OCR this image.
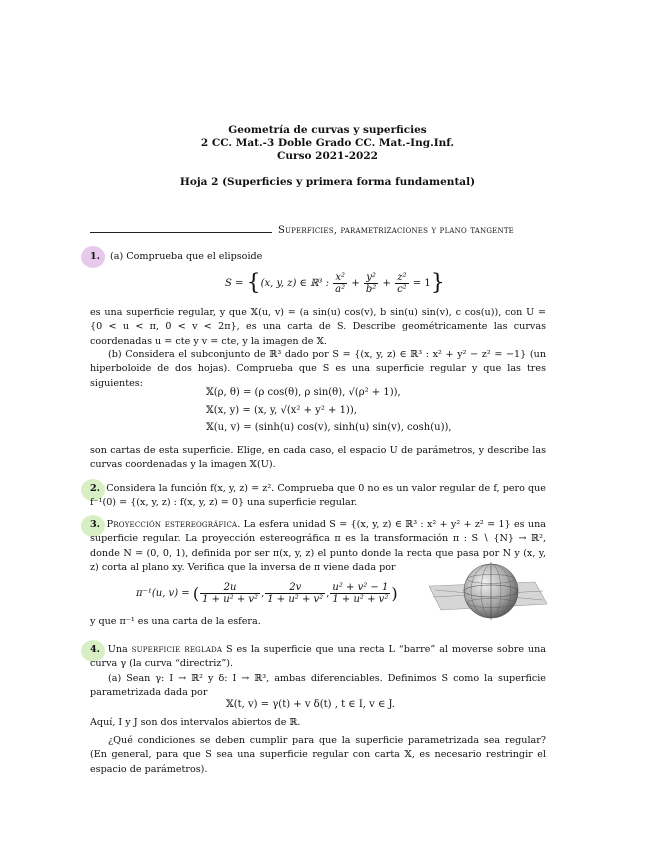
Geometría de curvas y superficies
2 CC. Mat.-3 Doble Grado CC. Mat.-Ing.Inf.
Curso 2021-2022
Hoja 2 (Superficies y primera forma fundamental)
Superficies, parametrizaciones y plano tangente
1. (a) Comprueba que el elipsoide
S = {(x, y, z) ∈ ℝ³ : $\frac{\text{x²}}{\text{a²}} + \frac{\text{y²}}{\text{b²}} + \frac{\text{z²}}{\text{c²}} = 1$}
es una superficie regular, y que 𝕏(u, v) = (a sin(u) cos(v), b sin(u) sin(v), c cos(u)), con U = {0 < u < π, 0 < v < 2π}, es una carta de S. Describe geométricamente las curvas coordenadas u = cte y v = cte, y la imagen de 𝕏.
(b) Considera el subconjunto de ℝ³ dado por S = {(x, y, z) ∈ ℝ³ : x² + y² − z² = −1} (un hiperboloide de dos hojas). Comprueba que S es una superficie regular y que las tres siguientes:
𝕏(ρ, θ) = (ρ cos(θ), ρ sin(θ), √(ρ² + 1)),
𝕏(x, y) = (x, y, √(x² + y² + 1)),
𝕏(u, v) = (sinh(u) cos(v), sinh(u) sin(v), cosh(u)),
son cartas de esta superficie. Elige, en cada caso, el espacio U de parámetros, y describe las curvas coordenadas y la imagen 𝕏(U).
2. Considera la función f(x, y, z) = z². Comprueba que 0 no es un valor regular de f, pero que f⁻¹(0) = {(x, y, z) : f(x, y, z) = 0} una superficie regular.
3. Proyección estereográfica. La esfera unidad S = {(x, y, z) ∈ ℝ³ : x² + y² + z² = 1} es una superficie regular. La proyección estereográfica π es la transformación π : S ∖ {N} → ℝ², donde N = (0, 0, 1), definida por ser π(x, y, z) el punto donde la recta que pasa por N y (x, y, z) corta al plano xy. Verifica que la inversa de π viene dada por
π⁻¹(u, v) = ( $\frac{2u}{\text{1 + u² + v²}}$ , $\frac{2v}{\text{1 + u² + v²}}$ , $\frac{\text{u² + v² − 1}}{\text{1 + u² + v²}}$ )
y que π⁻¹ es una carta de la esfera.
4. Una superficie reglada S es la superficie que una recta L “barre” al moverse sobre una curva γ (la curva “directriz”).
(a) Sean γ: I → ℝ² y δ: I → ℝ³, ambas diferenciables. Definimos S como la superficie parametrizada dada por
𝕏(t, v) = γ(t) + v δ(t) , t ∈ I, v ∈ J.
Aquí, I y J son dos intervalos abiertos de ℝ.
¿Qué condiciones se deben cumplir para que la superficie parametrizada sea regular? (En general, para que S sea una superficie regular con carta 𝕏, es necesario restringir el espacio de parámetros).
